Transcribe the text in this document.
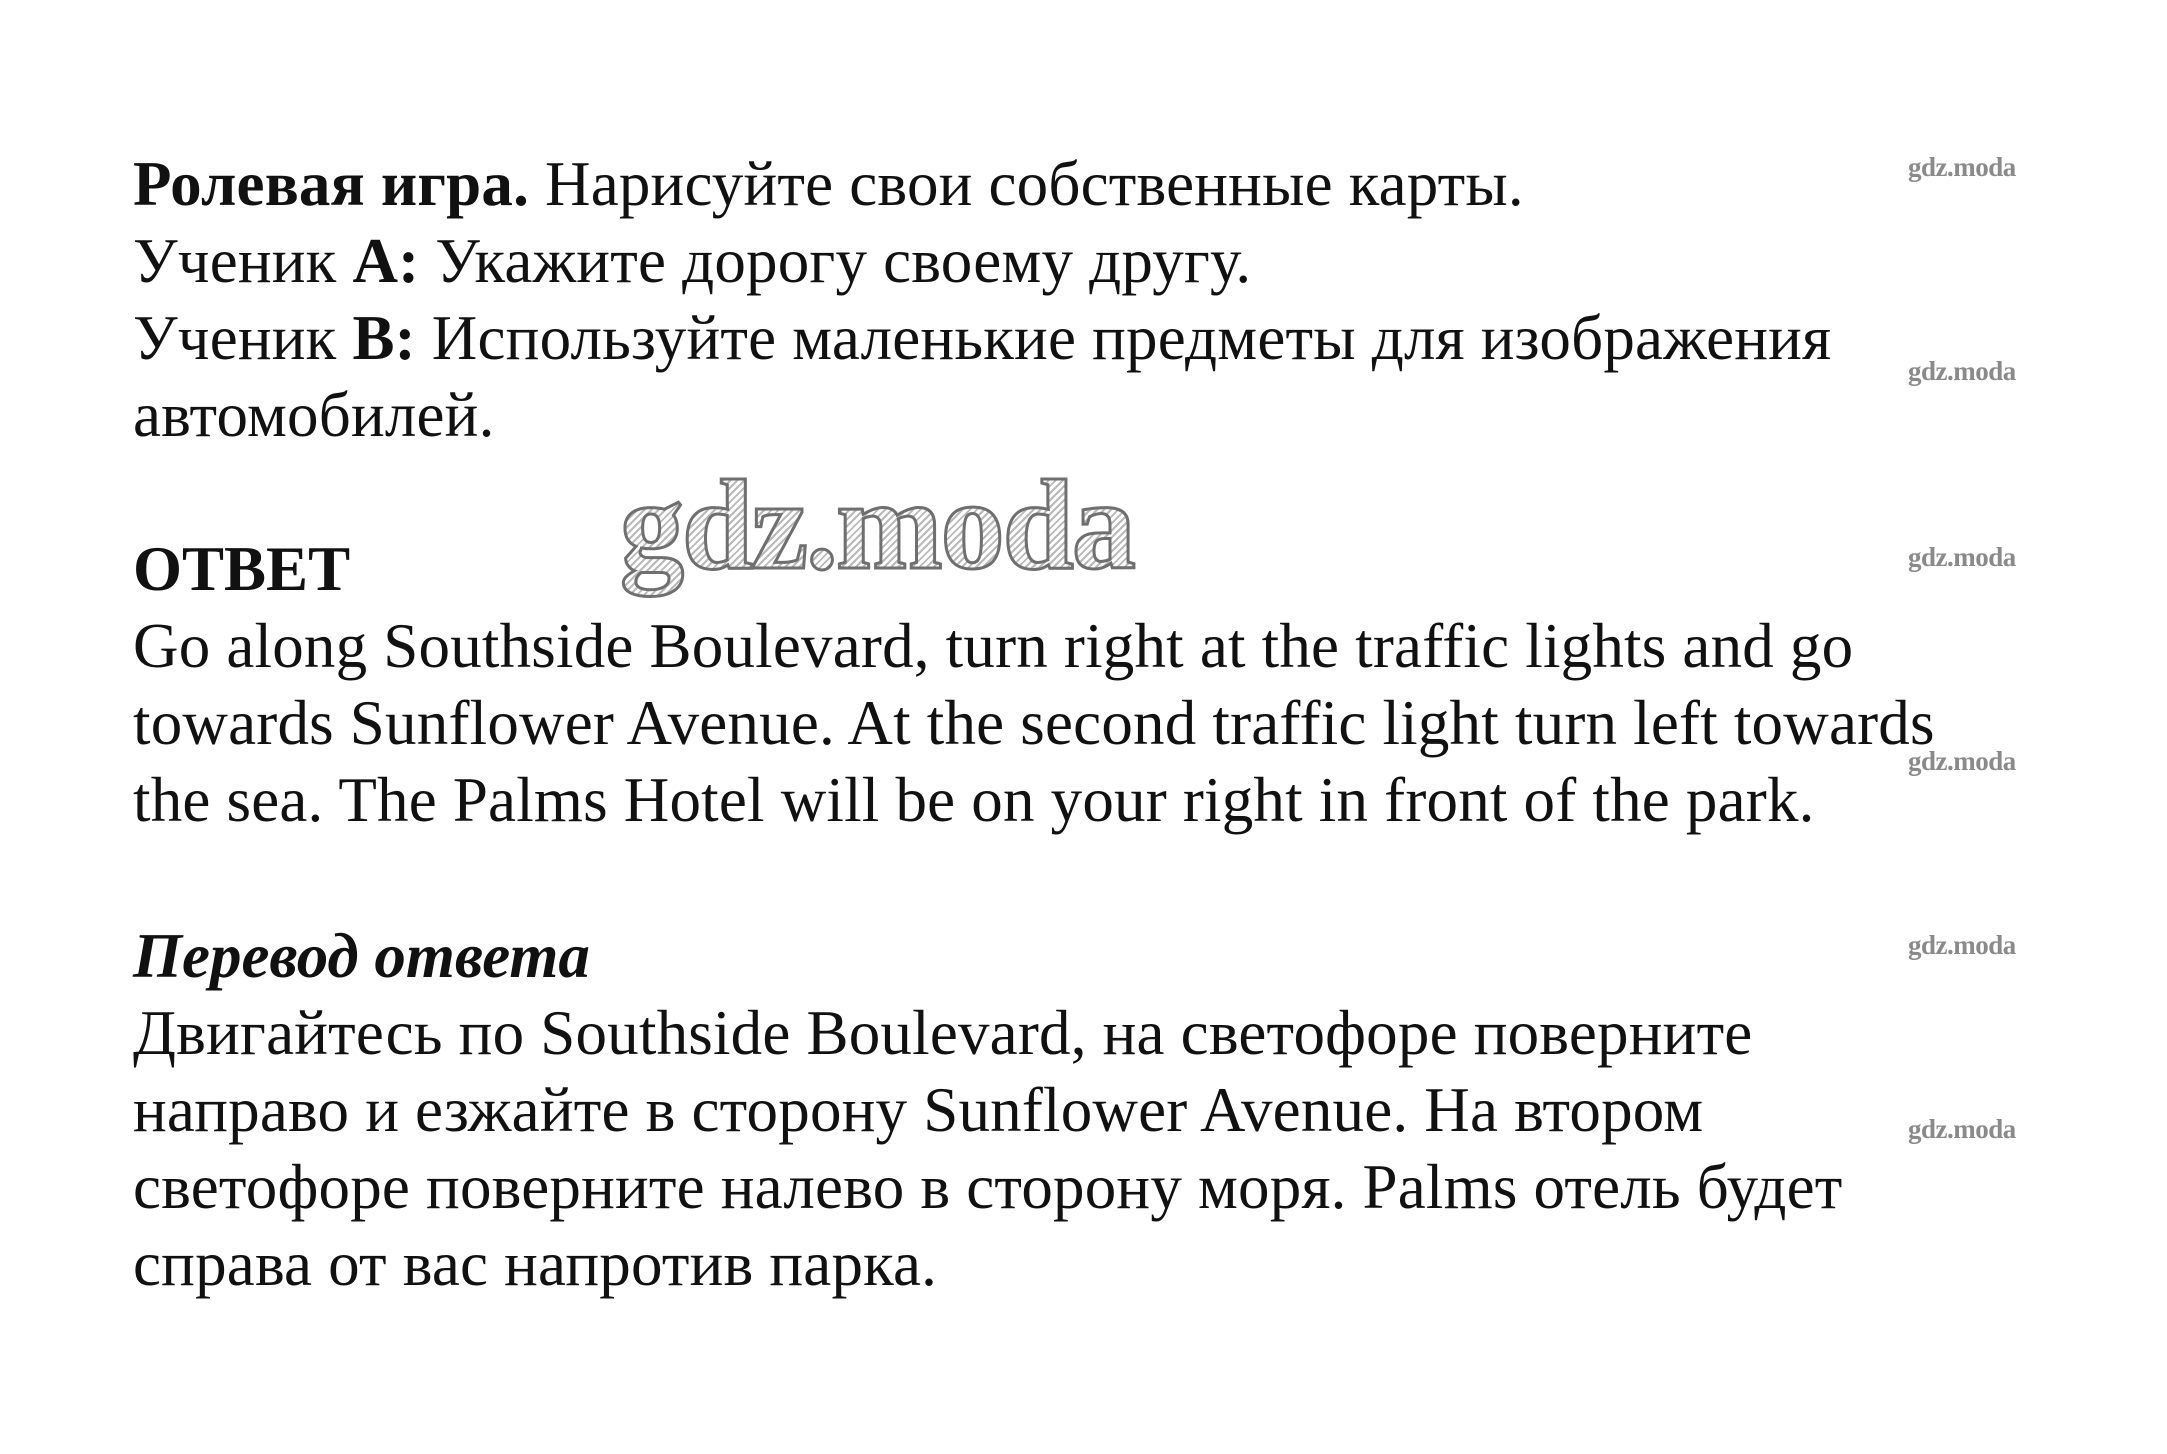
Ролевая игра. Нарисуйте свои собственные карты.
Ученик А: Укажите дорогу своему другу.
Ученик В: Используйте маленькие предметы для изображения
автомобилей.
ОТВЕТ
Go along Southside Boulevard, turn right at the traffic lights and go
towards Sunflower Avenue. At the second traffic light turn left towards
the sea. The Palms Hotel will be on your right in front of the park.
Перевод ответа
Двигайтесь по Southside Boulevard, на светофоре поверните
направо и езжайте в сторону Sunflower Avenue. На втором
светофоре поверните налево в сторону моря. Palms отель будет
справа от вас напротив парка.
gdz.moda
gdz.moda
gdz.moda
gdz.moda
gdz.moda
gdz.moda
gdz.moda
